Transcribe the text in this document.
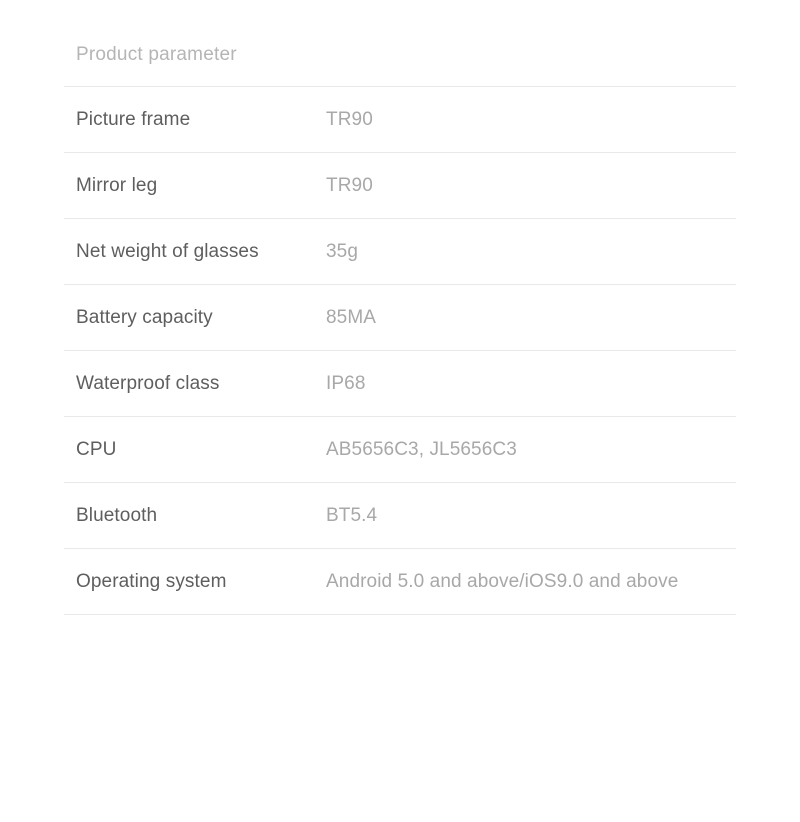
Product parameter
Picture frame	TR90
Mirror leg	TR90
Net weight of glasses	35g
Battery capacity	85MA
Waterproof class	IP68
CPU	AB5656C3, JL5656C3
Bluetooth	BT5.4
Operating system	Android 5.0 and above/iOS9.0 and above
